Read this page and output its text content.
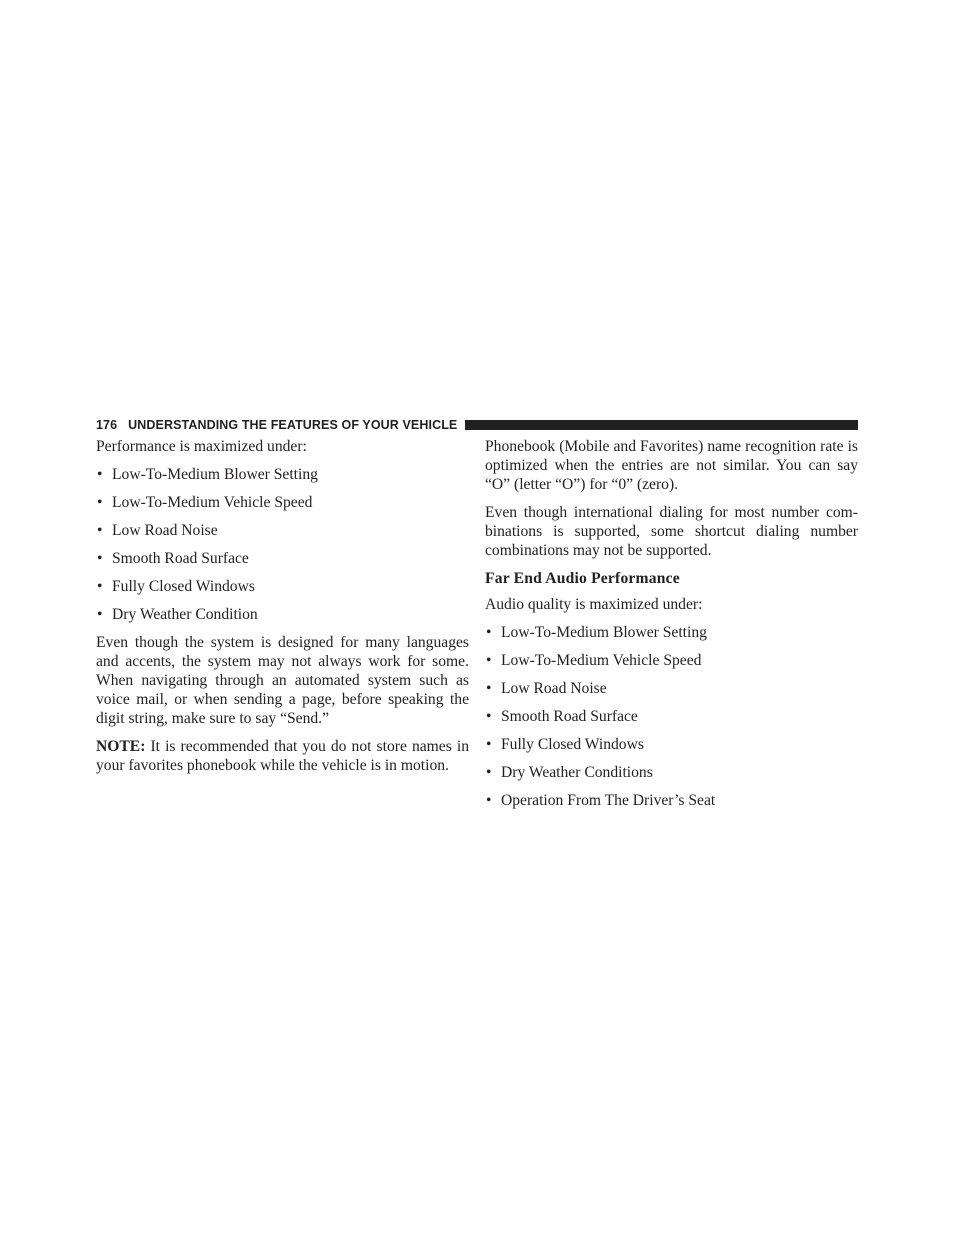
176 UNDERSTANDING THE FEATURES OF YOUR VEHICLE

Performance is maximized under:

• Low-To-Medium Blower Setting
• Low-To-Medium Vehicle Speed
• Low Road Noise
• Smooth Road Surface
• Fully Closed Windows
• Dry Weather Condition

Even though the system is designed for many languages and accents, the system may not always work for some. When navigating through an automated system such as voice mail, or when sending a page, before speaking the digit string, make sure to say “Send.”

NOTE: It is recommended that you do not store names in your favorites phonebook while the vehicle is in motion.

Phonebook (Mobile and Favorites) name recognition rate is optimized when the entries are not similar. You can say “O” (letter “O”) for “0” (zero).

Even though international dialing for most number com-binations is supported, some shortcut dialing number combinations may not be supported.

Far End Audio Performance

Audio quality is maximized under:

• Low-To-Medium Blower Setting
• Low-To-Medium Vehicle Speed
• Low Road Noise
• Smooth Road Surface
• Fully Closed Windows
• Dry Weather Conditions
• Operation From The Driver’s Seat
